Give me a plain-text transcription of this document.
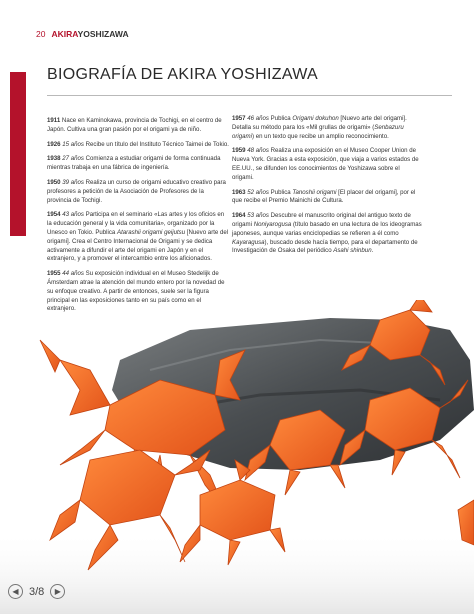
20 AKIRAYOSHIZAWA
BIOGRAFÍA DE AKIRA YOSHIZAWA

1911 Nace en Kaminokawa, provincia de Tochigi, en el centro de Japón. Cultiva una gran pasión por el origami ya de niño.

1926 15 años Recibe un título del Instituto Técnico Taimei de Tokio.

1938 27 años Comienza a estudiar origami de forma continuada mientras trabaja en una fábrica de ingeniería.

1950 39 años Realiza un curso de origami educativo creativo para profesores a petición de la Asociación de Profesores de la provincia de Tochigi.

1954 43 años Participa en el seminario «Las artes y los oficios en la educación general y la vida comunitaria», organizado por la Unesco en Tokio. Publica Atarashii origami geijutsu [Nuevo arte del origami]. Crea el Centro Internacional de Origami y se dedica activamente a difundir el arte del origami en Japón y en el extranjero, y a promover el intercambio entre los aficionados.

1955 44 años Su exposición individual en el Museo Stedelijk de Ámsterdam atrae la atención del mundo entero por la novedad de su enfoque creativo. A partir de entonces, suele ser la figura principal en las exposiciones tanto en su país como en el extranjero.

1957 46 años Publica Origami dokuhon [Nuevo arte del origami]. Detalla su método para los «Mil grullas de origami» (Senbazuru origami) en un texto que recibe un amplio reconocimiento.

1959 48 años Realiza una exposición en el Museo Cooper Union de Nueva York. Gracias a esta exposición, que viaja a varios estados de EE.UU., se difunden los conocimientos de Yoshizawa sobre el origami.

1963 52 años Publica Tanoshii origami [El placer del origami], por el que recibe el Premio Mainichi de Cultura.

1964 53 años Descubre el manuscrito original del antiguo texto de origami Noniyarogusa (título basado en una lectura de los ideogramas japoneses, aunque varias enciclopedias se refieren a él como Kayaragusa), buscado desde hacía tiempo, para el departamento de Investigación de Osaka del periódico Asahi shinbun.

◀ 3/8	▶
